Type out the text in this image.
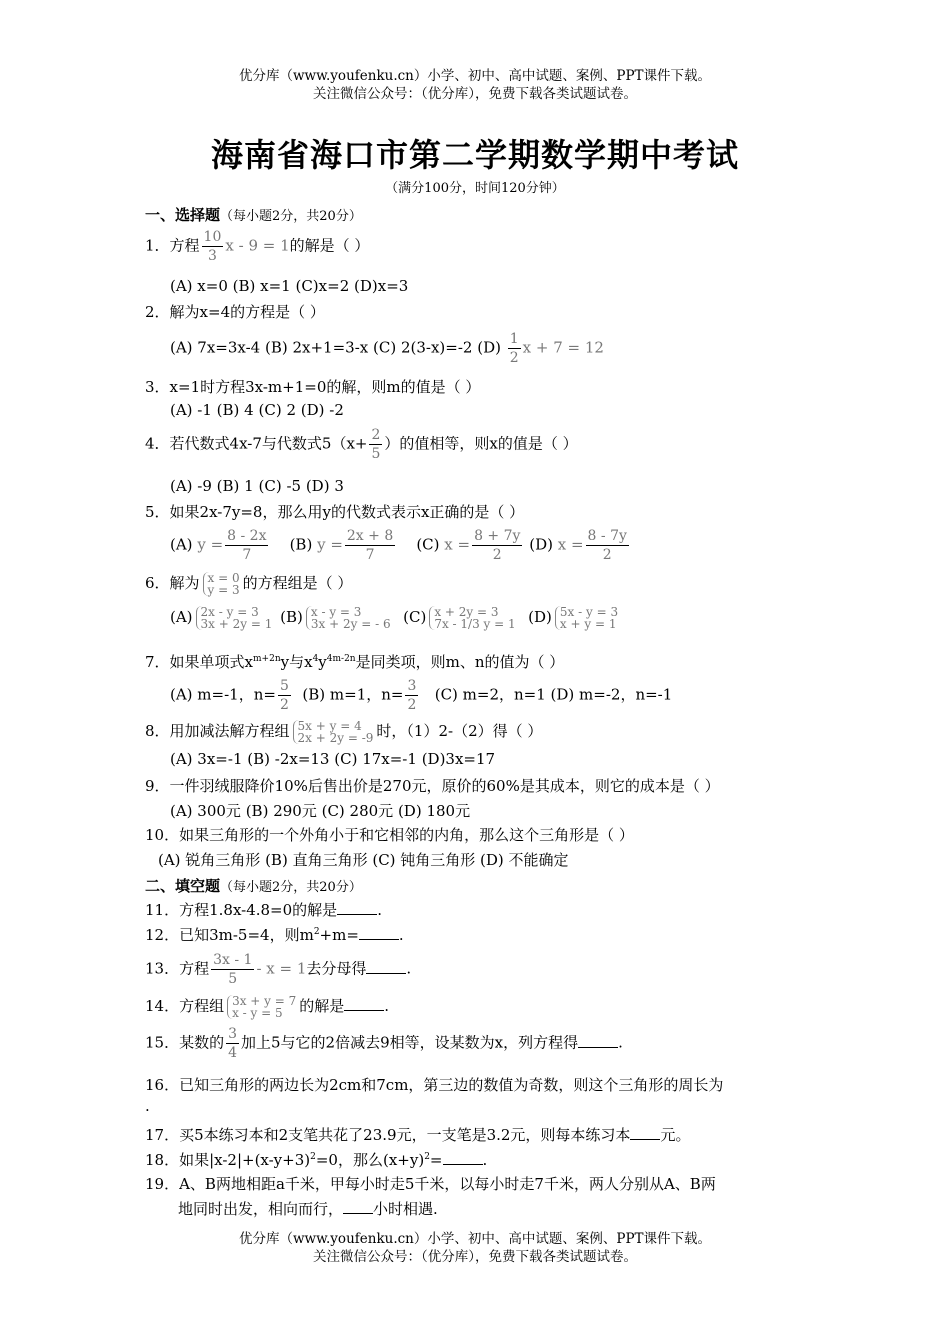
优分库（www.youfenku.cn）小学、初中、高中试题、案例、PPT课件下载。
关注微信公众号：（优分库），免费下载各类试题试卷。
海南省海口市第二学期数学期中考试
（满分100分，时间120分钟）
一、选择题（每小题2分，共20分）
1．方程 $\frac{10}{3}$ x - 9 = 1的解是（ ）
(A) x=0 (B) x=1 (C)x=2 (D)x=3
2．解为x=4的方程是（ ）
(A) 7x=3x-4 (B) 2x+1=3-x (C) 2(3-x)=-2 $(D) \frac{1}{2}$ x + 7 = 12
3．x=1时方程3x-m+1=0的解，则m的值是（ ）
(A) -1 (B) 4 (C) 2 (D) -2
4．若代数式4x-7与代数式$5(x+ \frac{2}{5}$ ）的值相等，则x的值是（ ）
(A) -9 (B) 1 (C) -5 (D) 3
5．如果2x-7y=8，那么用y的代数式表示x正确的是（ ）
(A) $y = \frac{8 - 2x}{7} (B) y = \frac{2x + 8}{7} (C) x = \frac{8 + 7y}{2} (D) x = \frac{8 - 7y}{2}$
6．解为 x = 0
y = 3 的方程组是（ ）
(A) 2x - y = 3
3x + 2y = 1 (B) x - y = 3
3x + 2y = - 6 (C) x + 2y = 3
7x - 1/3 y = 1 (D) 5x - y = 3
x + y = 1
7．如果单项式$x^{m+2n}y$与$x^4y^{4m-2n}$是同类项，则m、n的值为（ ）
(A) m=-1，$n= \frac{5}{2} (B)$ m=1，$n= \frac{3}{2} (C)$ m=2，n=1 (D) m=-2，n=-1
8．用加减法解方程组 5x + y = 4
2x + 2y = -9 时，（1）2-（2）得（ ）
(A) 3x=-1 (B) -2x=13 (C) 17x=-1 (D)3x=17
9．一件羽绒服降价10%后售出价是270元，原价的60%是其成本，则它的成本是（ ）
(A) 300元 (B) 290元 (C) 280元 (D) 180元
10．如果三角形的一个外角小于和它相邻的内角，那么这个三角形是（ ）
(A) 锐角三角形 (B) 直角三角形 (C) 钝角三角形 (D) 不能确定
二、填空题（每小题2分，共20分）
11．方程1.8x-4.8=0的解是	.
12．已知3m-5=4，则$m^2+m=$	.
13．方程 $\frac{3x - 1}{5} - x = 1$去分母得	.
14．方程组 3x + y = 7
x - y = 5 的解是	.
15．某数的 $\frac{3}{4}$ 加上5与它的2倍减去9相等，设某数为x，列方程得	.
16．已知三角形的两边长为2cm和7cm，第三边的数值为奇数，则这个三角形的周长为
.
17．买5本练习本和2支笔共花了23.9元，一支笔是3.2元，则每本练习本 元。
18．如果$|x-2|+(x-y+3)^2=0$，那么$(x+y)^2=$	.
19．A、B两地相距a千米，甲每小时走5千米，以每小时走7千米，两人分别从A、B两
地同时出发，相向而行， 小时相遇.
优分库（www.youfenku.cn）小学、初中、高中试题、案例、PPT课件下载。
关注微信公众号：（优分库），免费下载各类试题试卷。
